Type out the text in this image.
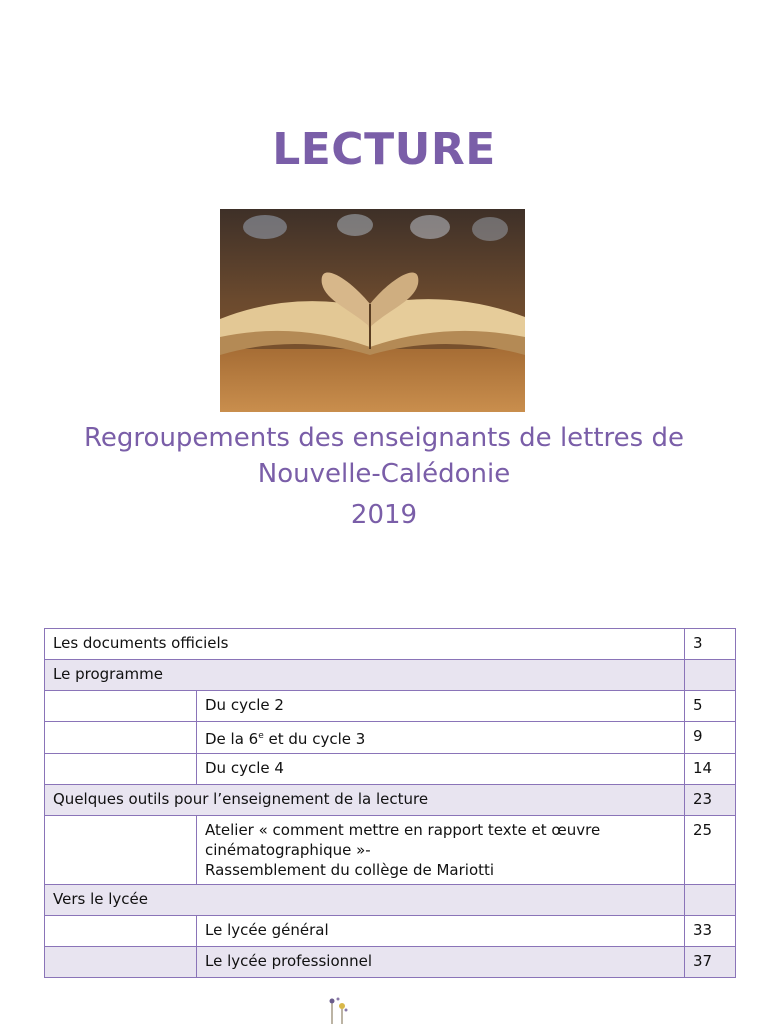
LECTURE
Regroupements des enseignants de lettres de
Nouvelle-Calédonie
2019
Les documents officiels		3
Le programme		
	Du cycle 2	5
	De la 6e et du cycle 3	9
	Du cycle 4	14
Quelques outils pour l’enseignement de la lecture		23

	Atelier « comment mettre en rapport texte et œuvre
cinématographique »-
Rassemblement du collège de Mariotti	25
Vers le lycée		
	Le lycée général	33
	Le lycée professionnel	37
